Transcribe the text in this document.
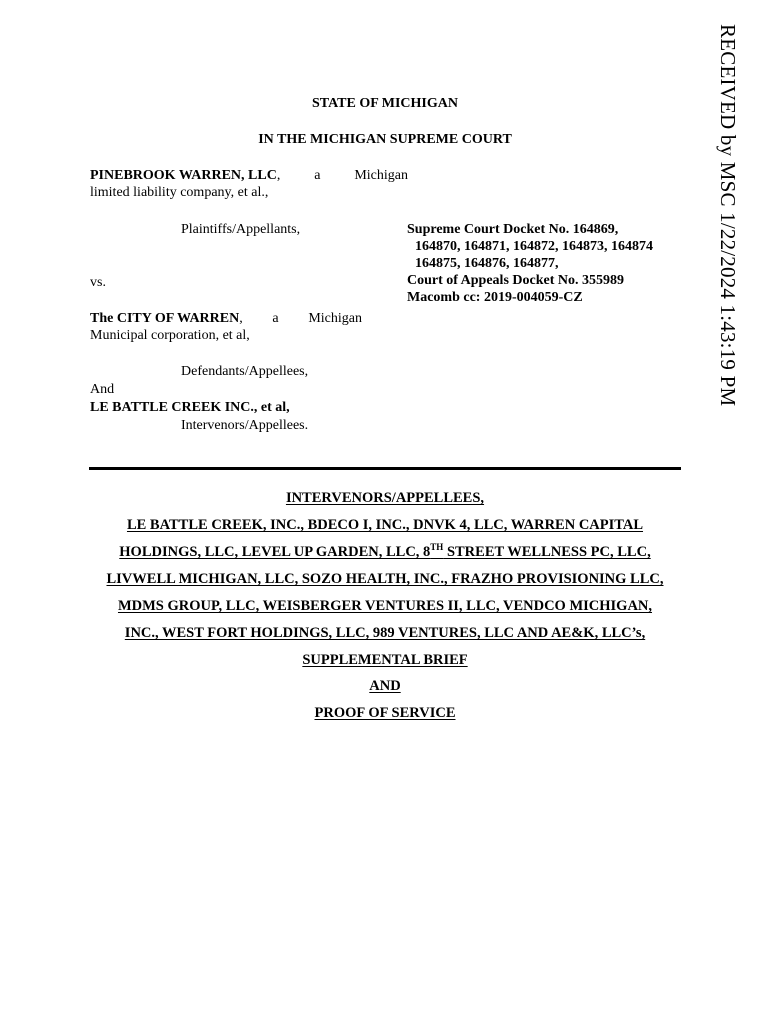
RECEIVED by MSC 1/22/2024 1:43:19 PM
STATE OF MICHIGAN
IN THE MICHIGAN SUPREME COURT
PINEBROOK WARREN, LLC, a Michigan
limited liability company, et al.,
Plaintiffs/Appellants,
vs.
The CITY OF WARREN, a Michigan
Municipal corporation, et al,
Defendants/Appellees,
And
LE BATTLE CREEK INC., et al,
Intervenors/Appellees.
Supreme Court Docket No. 164869,
164870, 164871, 164872, 164873, 164874
164875, 164876, 164877,
Court of Appeals Docket No. 355989
Macomb cc: 2019-004059-CZ
INTERVENORS/APPELLEES,
LE BATTLE CREEK, INC., BDECO I, INC., DNVK 4, LLC, WARREN CAPITAL
HOLDINGS, LLC, LEVEL UP GARDEN, LLC, 8TH STREET WELLNESS PC, LLC,
LIVWELL MICHIGAN, LLC, SOZO HEALTH, INC., FRAZHO PROVISIONING LLC,
MDMS GROUP, LLC, WEISBERGER VENTURES II, LLC, VENDCO MICHIGAN,
INC., WEST FORT HOLDINGS, LLC, 989 VENTURES, LLC AND AE&K, LLC’s,
SUPPLEMENTAL BRIEF
AND
PROOF OF SERVICE
